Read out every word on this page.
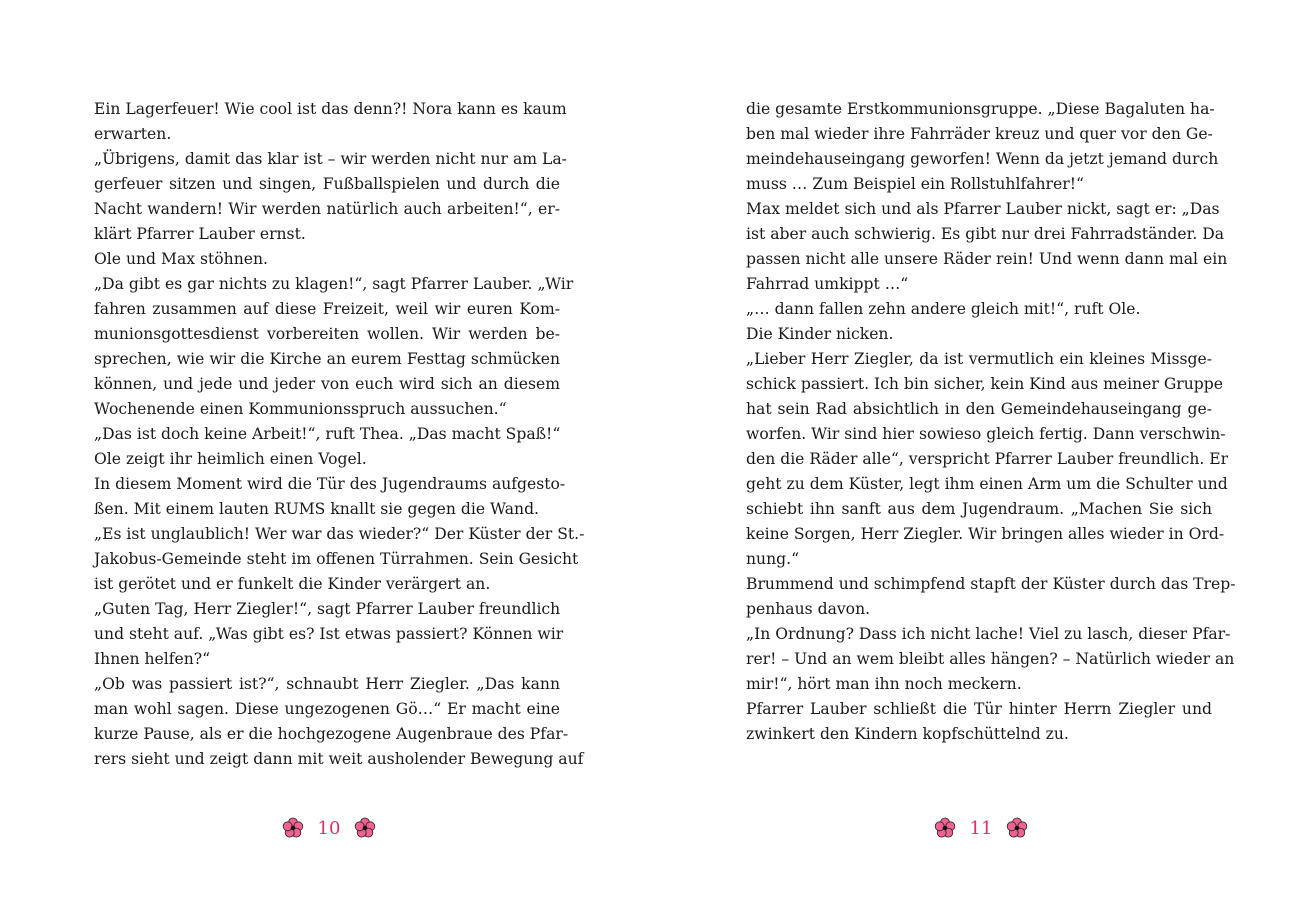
Ein Lagerfeuer! Wie cool ist das denn?! Nora kann es kaum
erwarten.
„Übrigens, damit das klar ist – wir werden nicht nur am La-
gerfeuer sitzen und singen, Fußballspielen und durch die
Nacht wandern! Wir werden natürlich auch arbeiten!“, er-
klärt Pfarrer Lauber ernst.
Ole und Max stöhnen.
„Da gibt es gar nichts zu klagen!“, sagt Pfarrer Lauber. „Wir
fahren zusammen auf diese Freizeit, weil wir euren Kom-
munionsgottesdienst vorbereiten wollen. Wir werden be-
sprechen, wie wir die Kirche an eurem Festtag schmücken
können, und jede und jeder von euch wird sich an diesem
Wochenende einen Kommunionsspruch aussuchen.“
„Das ist doch keine Arbeit!“, ruft Thea. „Das macht Spaß!“
Ole zeigt ihr heimlich einen Vogel.
In diesem Moment wird die Tür des Jugendraums aufgesto-
ßen. Mit einem lauten RUMS knallt sie gegen die Wand.
„Es ist unglaublich! Wer war das wieder?“ Der Küster der St.-
Jakobus-Gemeinde steht im offenen Türrahmen. Sein Gesicht
ist gerötet und er funkelt die Kinder verärgert an.
„Guten Tag, Herr Ziegler!“, sagt Pfarrer Lauber freundlich
und steht auf. „Was gibt es? Ist etwas passiert? Können wir
Ihnen helfen?“
„Ob was passiert ist?“, schnaubt Herr Ziegler. „Das kann
man wohl sagen. Diese ungezogenen Gö…“ Er macht eine
kurze Pause, als er die hochgezogene Augenbraue des Pfar-
rers sieht und zeigt dann mit weit ausholender Bewegung auf
die gesamte Erstkommunionsgruppe. „Diese Bagaluten ha-
ben mal wieder ihre Fahrräder kreuz und quer vor den Ge-
meindehauseingang geworfen! Wenn da jetzt jemand durch
muss … Zum Beispiel ein Rollstuhlfahrer!“
Max meldet sich und als Pfarrer Lauber nickt, sagt er: „Das
ist aber auch schwierig. Es gibt nur drei Fahrradständer. Da
passen nicht alle unsere Räder rein! Und wenn dann mal ein
Fahrrad umkippt …“
„… dann fallen zehn andere gleich mit!“, ruft Ole.
Die Kinder nicken.
„Lieber Herr Ziegler, da ist vermutlich ein kleines Missge-
schick passiert. Ich bin sicher, kein Kind aus meiner Gruppe
hat sein Rad absichtlich in den Gemeindehauseingang ge-
worfen. Wir sind hier sowieso gleich fertig. Dann verschwin-
den die Räder alle“, verspricht Pfarrer Lauber freundlich. Er
geht zu dem Küster, legt ihm einen Arm um die Schulter und
schiebt ihn sanft aus dem Jugendraum. „Machen Sie sich
keine Sorgen, Herr Ziegler. Wir bringen alles wieder in Ord-
nung.“
Brummend und schimpfend stapft der Küster durch das Trep-
penhaus davon.
„In Ordnung? Dass ich nicht lache! Viel zu lasch, dieser Pfar-
rer! – Und an wem bleibt alles hängen? – Natürlich wieder an
mir!“, hört man ihn noch meckern.
Pfarrer Lauber schließt die Tür hinter Herrn Ziegler und
zwinkert den Kindern kopfschüttelnd zu.
10	11
